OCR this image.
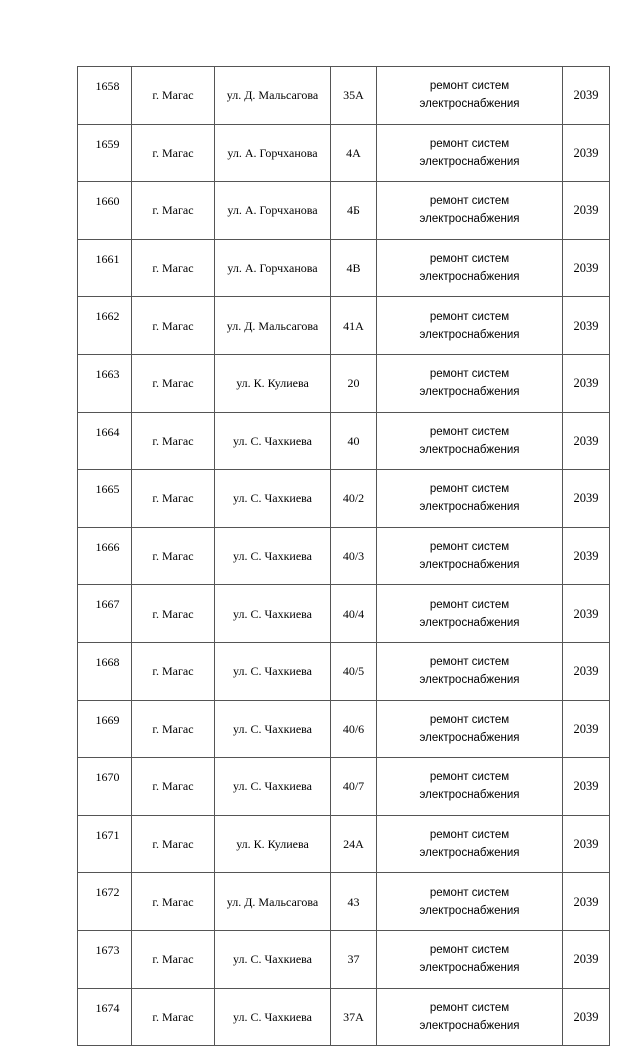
1658	г. Магас	ул. Д. Мальсагова	35А	ремонт систем
электроснабжения	2039
1659	г. Магас	ул. А. Горчханова	4А	ремонт систем
электроснабжения	2039
1660	г. Магас	ул. А. Горчханова	4Б	ремонт систем
электроснабжения	2039
1661	г. Магас	ул. А. Горчханова	4В	ремонт систем
электроснабжения	2039
1662	г. Магас	ул. Д. Мальсагова	41А	ремонт систем
электроснабжения	2039
1663	г. Магас	ул. К. Кулиева	20	ремонт систем
электроснабжения	2039
1664	г. Магас	ул. С. Чахкиева	40	ремонт систем
электроснабжения	2039
1665	г. Магас	ул. С. Чахкиева	40/2	ремонт систем
электроснабжения	2039
1666	г. Магас	ул. С. Чахкиева	40/3	ремонт систем
электроснабжения	2039
1667	г. Магас	ул. С. Чахкиева	40/4	ремонт систем
электроснабжения	2039
1668	г. Магас	ул. С. Чахкиева	40/5	ремонт систем
электроснабжения	2039
1669	г. Магас	ул. С. Чахкиева	40/6	ремонт систем
электроснабжения	2039
1670	г. Магас	ул. С. Чахкиева	40/7	ремонт систем
электроснабжения	2039
1671	г. Магас	ул. К. Кулиева	24А	ремонт систем
электроснабжения	2039
1672	г. Магас	ул. Д. Мальсагова	43	ремонт систем
электроснабжения	2039
1673	г. Магас	ул. С. Чахкиева	37	ремонт систем
электроснабжения	2039
1674	г. Магас	ул. С. Чахкиева	37А	ремонт систем
электроснабжения	2039
